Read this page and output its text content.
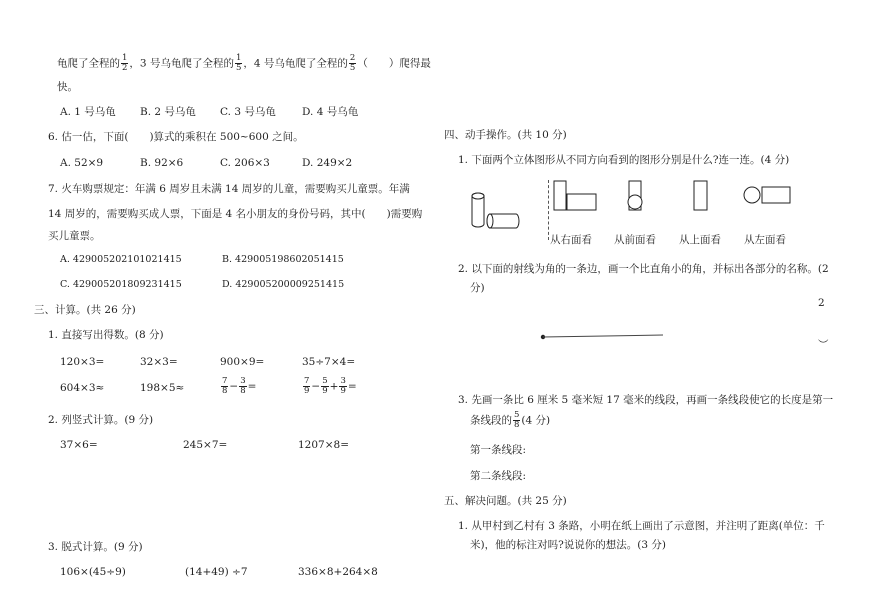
龟爬了全程的 $\frac{1}{2}$ ，3 号乌龟爬了全程的 $\frac{1}{5}$ ，4 号乌龟爬了全程的 $\frac{2}{5}$ （　　）爬得最
快。
A. 1 号乌龟 B. 2 号乌龟 C. 3 号乌龟 D. 4 号乌龟
6. 估一估，下面(　　)算式的乘积在 500~600 之间。
A. 52×9	B. 92×6	C. 206×3	D. 249×2
7. 火车购票规定：年满 6 周岁且未满 14 周岁的儿童，需要购买儿童票。年满
14 周岁的，需要购买成人票，下面是 4 名小朋友的身份号码，其中(　　)需要购
买儿童票。
A. 429005202101021415	B. 429005198602051415
C. 429005201809231415	D. 429005200009251415
三、计算。(共 26 分)
1. 直接写出得数。(8 分)
120×3=	32×3=	900×9=	35÷7×4=
604×3≈	198×5≈	$\frac{7}{8} - \frac{3}{8}$ =	$\frac{7}{9} - \frac{5}{9} + \frac{3}{9}$ =
2. 列竖式计算。(9 分)
37×6=	245×7=	1207×8=
3. 脱式计算。(9 分)
106×(45÷9)	(14+49) ÷7	336×8+264×8
四、动手操作。(共 10 分)
1. 下面两个立体图形从不同方向看到的图形分别是什么?连一连。(4 分)
从右面看 从前面看 从上面看 从左面看
2. 以下面的射线为角的一条边，画一个比直角小的角，并标出各部分的名称。(2
分)
2
︶
3. 先画一条比 6 厘米 5 毫米短 17 毫米的线段，再画一条线段使它的长度是第一
条线段的 $\frac{5}{8} (4$ 分)
第一条线段:
第二条线段:
五、解决问题。(共 25 分)
1. 从甲村到乙村有 3 条路，小明在纸上画出了示意图，并注明了距离(单位：千
米)，他的标注对吗?说说你的想法。(3 分)
